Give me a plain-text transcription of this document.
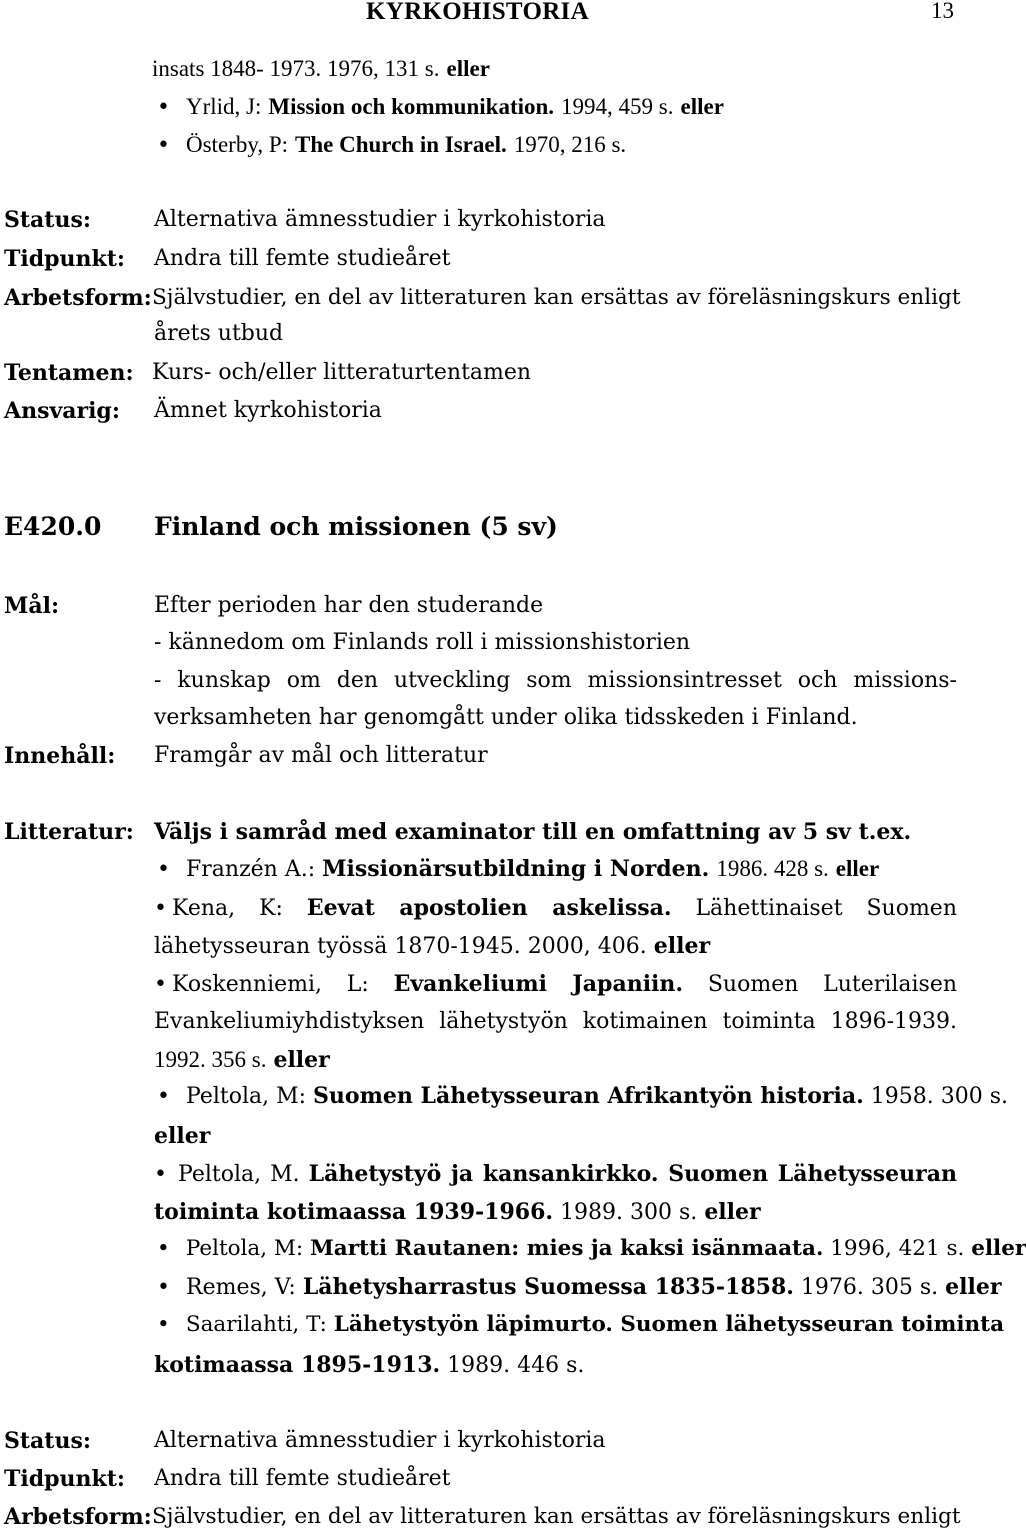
KYRKOHISTORIA	13
insats 1848- 1973. 1976, 131 s. eller
• Yrlid, J: Mission och kommunikation. 1994, 459 s. eller
• Österby, P: The Church in Israel. 1970, 216 s.
Status:	Alternativa ämnesstudier i kyrkohistoria
Tidpunkt: Andra till femte studieåret
Arbetsform: Självstudier, en del av litteraturen kan ersättas av föreläsningskurs enligt
årets utbud
Tentamen: Kurs- och/eller litteraturtentamen
Ansvarig: Ämnet kyrkohistoria
E420.0 Finland och missionen (5 sv)
Mål:	Efter perioden har den studerande
- kännedom om Finlands roll i missionshistorien
- kunskap om den utveckling som missionsintresset och missions-
verksamheten har genomgått under olika tidsskeden i Finland.
Innehåll: Framgår av mål och litteratur
Litteratur: Väljs i samråd med examinator till en omfattning av 5 sv t.ex.
• Franzén A.: Missionärsutbildning i Norden. 1986. 428 s. eller
• Kena, K: Eevat apostolien askelissa. Lähettinaiset Suomen
lähetysseuran työssä 1870-1945. 2000, 406. eller
• Koskenniemi, L: Evankeliumi Japaniin. Suomen Luterilaisen
Evankeliumiyhdistyksen lähetystyön kotimainen toiminta 1896-1939.
1992. 356 s. eller
• Peltola, M: Suomen Lähetysseuran Afrikantyön historia. 1958. 300 s.
eller
• Peltola, M. Lähetystyö ja kansankirkko. Suomen Lähetysseuran
toiminta kotimaassa 1939-1966. 1989. 300 s. eller
• Peltola, M: Martti Rautanen: mies ja kaksi isänmaata. 1996, 421 s. eller
• Remes, V: Lähetysharrastus Suomessa 1835-1858. 1976. 305 s. eller
• Saarilahti, T: Lähetystyön läpimurto. Suomen lähetysseuran toiminta
kotimaassa 1895-1913. 1989. 446 s.
Status:	Alternativa ämnesstudier i kyrkohistoria
Tidpunkt: Andra till femte studieåret
Arbetsform: Självstudier, en del av litteraturen kan ersättas av föreläsningskurs enligt
